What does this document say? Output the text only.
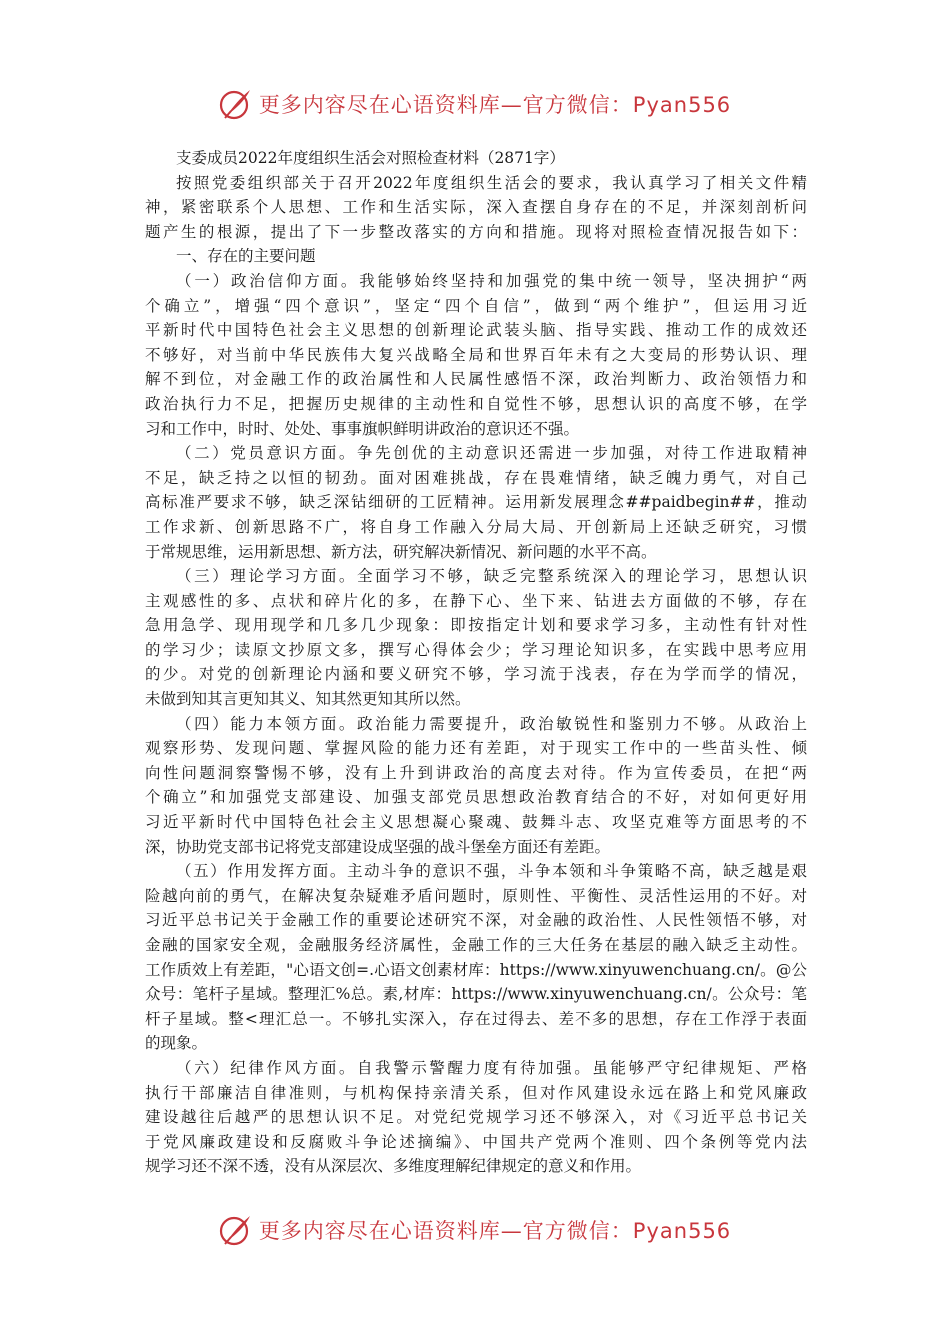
更多内容尽在心语资料库—官方微信：Pyan556
支委成员2022年度组织生活会对照检查材料（2871字）
按照党委组织部关于召开2022年度组织生活会的要求，我认真学习了相关文件精
神，紧密联系个人思想、工作和生活实际，深入查摆自身存在的不足，并深刻剖析问
题产生的根源，提出了下一步整改落实的方向和措施。现将对照检查情况报告如下：
一、存在的主要问题
（一）政治信仰方面。我能够始终坚持和加强党的集中统一领导，坚决拥护“两
个确立”，增强“四个意识”，坚定“四个自信”，做到“两个维护”，但运用习近
平新时代中国特色社会主义思想的创新理论武装头脑、指导实践、推动工作的成效还
不够好，对当前中华民族伟大复兴战略全局和世界百年未有之大变局的形势认识、理
解不到位，对金融工作的政治属性和人民属性感悟不深，政治判断力、政治领悟力和
政治执行力不足，把握历史规律的主动性和自觉性不够，思想认识的高度不够，在学
习和工作中，时时、处处、事事旗帜鲜明讲政治的意识还不强。
（二）党员意识方面。争先创优的主动意识还需进一步加强，对待工作进取精神
不足，缺乏持之以恒的韧劲。面对困难挑战，存在畏难情绪，缺乏魄力勇气，对自己
高标准严要求不够，缺乏深钻细研的工匠精神。运用新发展理念##paidbegin##，推动
工作求新、创新思路不广，将自身工作融入分局大局、开创新局上还缺乏研究，习惯
于常规思维，运用新思想、新方法，研究解决新情况、新问题的水平不高。
（三）理论学习方面。全面学习不够，缺乏完整系统深入的理论学习，思想认识
主观感性的多、点状和碎片化的多，在静下心、坐下来、钻进去方面做的不够，存在
急用急学、现用现学和几多几少现象：即按指定计划和要求学习多，主动性有针对性
的学习少；读原文抄原文多，撰写心得体会少；学习理论知识多，在实践中思考应用
的少。对党的创新理论内涵和要义研究不够，学习流于浅表，存在为学而学的情况，
未做到知其言更知其义、知其然更知其所以然。
（四）能力本领方面。政治能力需要提升，政治敏锐性和鉴别力不够。从政治上
观察形势、发现问题、掌握风险的能力还有差距，对于现实工作中的一些苗头性、倾
向性问题洞察警惕不够，没有上升到讲政治的高度去对待。作为宣传委员，在把“两
个确立”和加强党支部建设、加强支部党员思想政治教育结合的不好，对如何更好用
习近平新时代中国特色社会主义思想凝心聚魂、鼓舞斗志、攻坚克难等方面思考的不
深，协助党支部书记将党支部建设成坚强的战斗堡垒方面还有差距。
（五）作用发挥方面。主动斗争的意识不强，斗争本领和斗争策略不高，缺乏越是艰
险越向前的勇气，在解决复杂疑难矛盾问题时，原则性、平衡性、灵活性运用的不好。对
习近平总书记关于金融工作的重要论述研究不深，对金融的政治性、人民性领悟不够，对
金融的国家安全观，金融服务经济属性，金融工作的三大任务在基层的融入缺乏主动性。
工作质效上有差距，"心语文创=.心语文创素材库：https://www.xinyuwenchuang.cn/。@公
众号：笔杆子星域。整理汇%总。素,材库：https://www.xinyuwenchuang.cn/。公众号：笔
杆子星域。整<理汇总一。不够扎实深入，存在过得去、差不多的思想，存在工作浮于表面
的现象。
（六）纪律作风方面。自我警示警醒力度有待加强。虽能够严守纪律规矩、严格
执行干部廉洁自律准则，与机构保持亲清关系，但对作风建设永远在路上和党风廉政
建设越往后越严的思想认识不足。对党纪党规学习还不够深入，对《习近平总书记关
于党风廉政建设和反腐败斗争论述摘编》、中国共产党两个准则、四个条例等党内法
规学习还不深不透，没有从深层次、多维度理解纪律规定的意义和作用。
更多内容尽在心语资料库—官方微信：Pyan556
